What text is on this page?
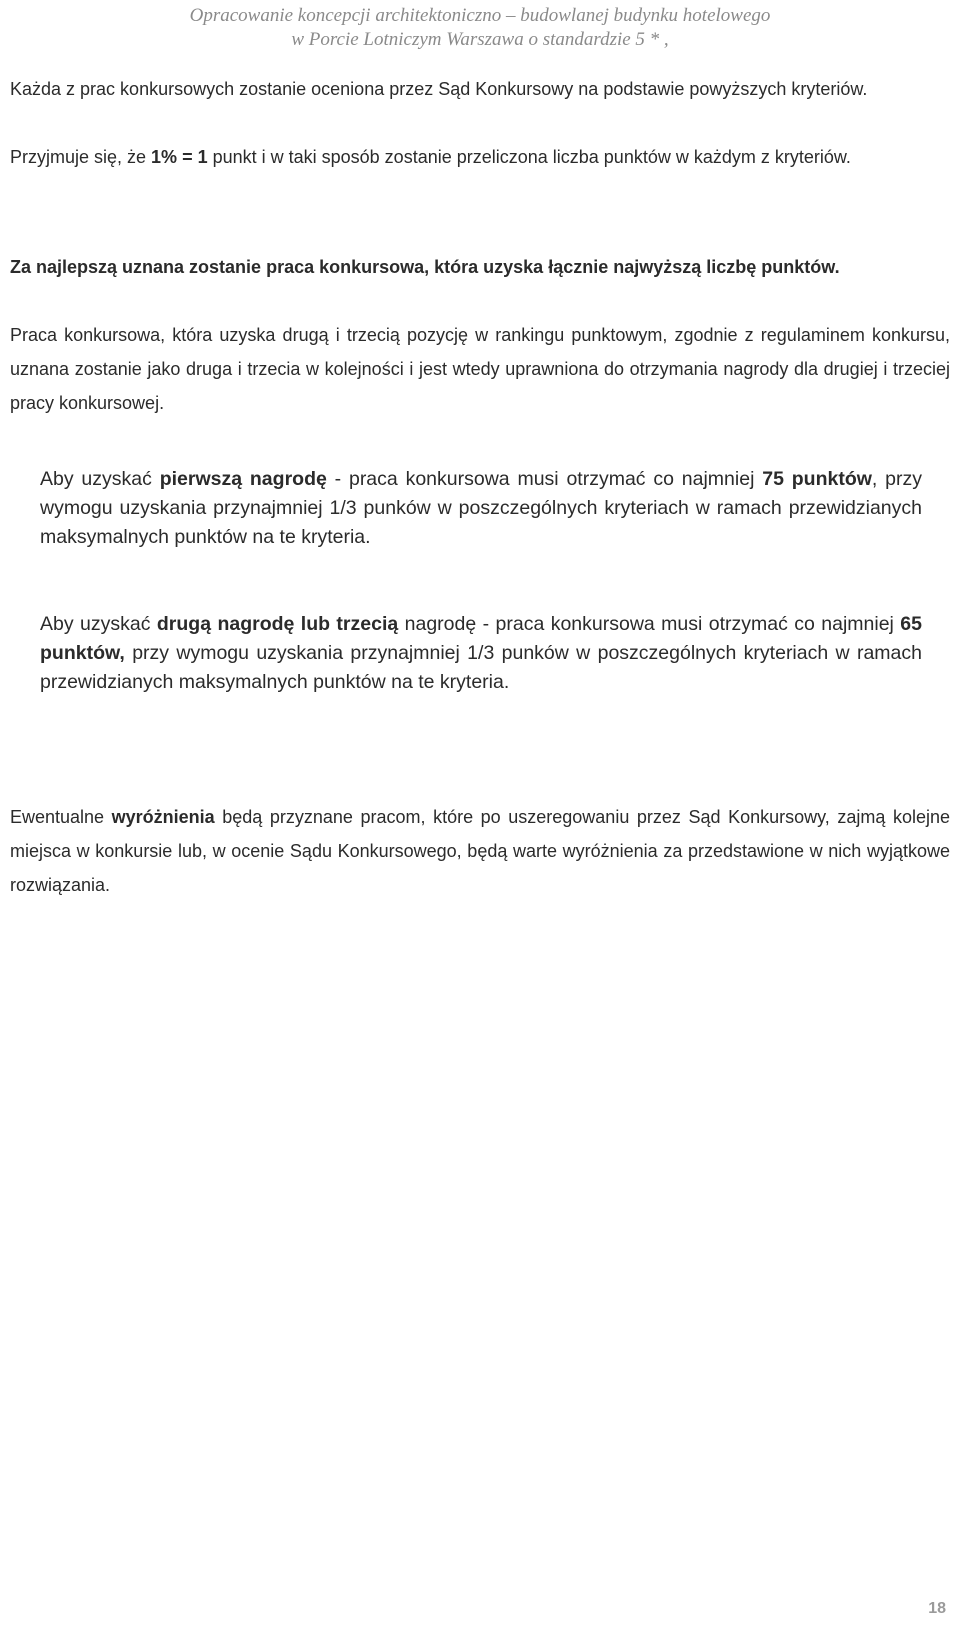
Opracowanie koncepcji architektoniczno – budowlanej budynku hotelowego
w Porcie Lotniczym Warszawa o standardzie 5 * ,

Każda z prac konkursowych zostanie oceniona przez Sąd Konkursowy na podstawie powyższych kryteriów.

Przyjmuje się, że 1% = 1 punkt i w taki sposób zostanie przeliczona liczba punktów w każdym z kryteriów.

Za najlepszą uznana zostanie praca konkursowa, która uzyska łącznie najwyższą liczbę punktów.

Praca konkursowa, która uzyska drugą i trzecią pozycję w rankingu punktowym, zgodnie z regulaminem konkursu, uznana zostanie jako druga i trzecia w kolejności i jest wtedy uprawniona do otrzymania nagrody dla drugiej i trzeciej pracy konkursowej.

Aby uzyskać pierwszą nagrodę - praca konkursowa musi otrzymać co najmniej 75 punktów, przy wymogu uzyskania przynajmniej 1/3 punków w poszczególnych kryteriach w ramach przewidzianych maksymalnych punktów na te kryteria.

Aby uzyskać drugą nagrodę lub trzecią nagrodę - praca konkursowa musi otrzymać co najmniej 65 punktów, przy wymogu uzyskania przynajmniej 1/3 punków w poszczególnych kryteriach w ramach przewidzianych maksymalnych punktów na te kryteria.

Ewentualne wyróżnienia będą przyznane pracom, które po uszeregowaniu przez Sąd Konkursowy, zajmą kolejne miejsca w konkursie lub, w ocenie Sądu Konkursowego, będą warte wyróżnienia za przedstawione w nich wyjątkowe rozwiązania.

18
